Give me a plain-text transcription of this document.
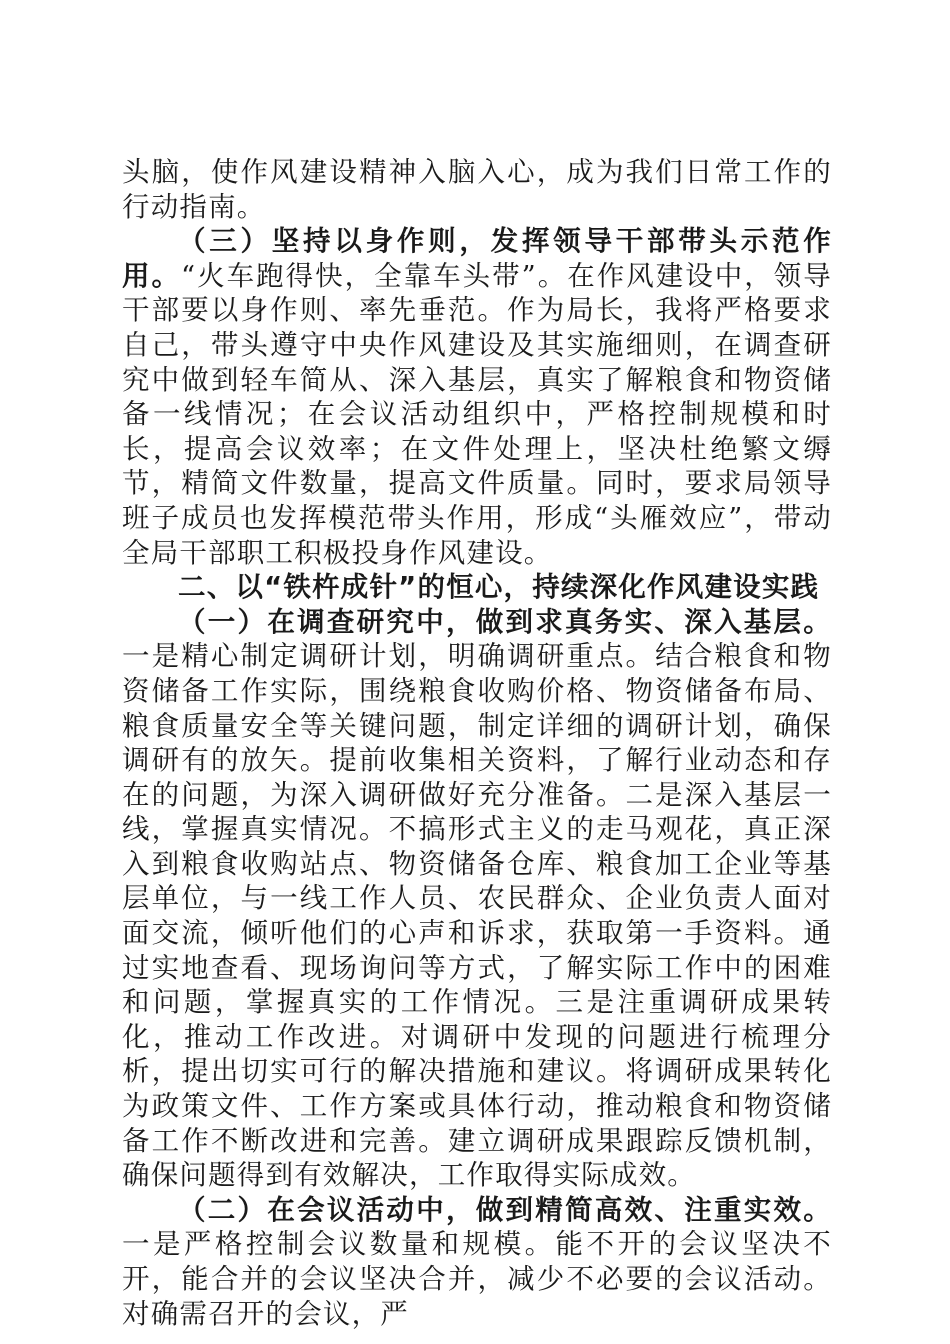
头脑，使作风建设精神入脑入心，成为我们日常工作的行动指南。

（三）坚持以身作则，发挥领导干部带头示范作用。“火车跑得快，全靠车头带”。在作风建设中，领导干部要以身作则、率先垂范。作为局长，我将严格要求自己，带头遵守中央作风建设及其实施细则，在调查研究中做到轻车简从、深入基层，真实了解粮食和物资储备一线情况；在会议活动组织中，严格控制规模和时长，提高会议效率；在文件处理上，坚决杜绝繁文缛节，精简文件数量，提高文件质量。同时，要求局领导班子成员也发挥模范带头作用，形成“头雁效应”，带动全局干部职工积极投身作风建设。

二、以“铁杵成针”的恒心，持续深化作风建设实践

（一）在调查研究中，做到求真务实、深入基层。一是精心制定调研计划，明确调研重点。结合粮食和物资储备工作实际，围绕粮食收购价格、物资储备布局、粮食质量安全等关键问题，制定详细的调研计划，确保调研有的放矢。提前收集相关资料，了解行业动态和存在的问题，为深入调研做好充分准备。二是深入基层一线，掌握真实情况。不搞形式主义的走马观花，真正深入到粮食收购站点、物资储备仓库、粮食加工企业等基层单位，与一线工作人员、农民群众、企业负责人面对面交流，倾听他们的心声和诉求，获取第一手资料。通过实地查看、现场询问等方式，了解实际工作中的困难和问题，掌握真实的工作情况。三是注重调研成果转化，推动工作改进。对调研中发现的问题进行梳理分析，提出切实可行的解决措施和建议。将调研成果转化为政策文件、工作方案或具体行动，推动粮食和物资储备工作不断改进和完善。建立调研成果跟踪反馈机制，确保问题得到有效解决，工作取得实际成效。

（二）在会议活动中，做到精简高效、注重实效。一是严格控制会议数量和规模。能不开的会议坚决不开，能合并的会议坚决合并，减少不必要的会议活动。对确需召开的会议，严
